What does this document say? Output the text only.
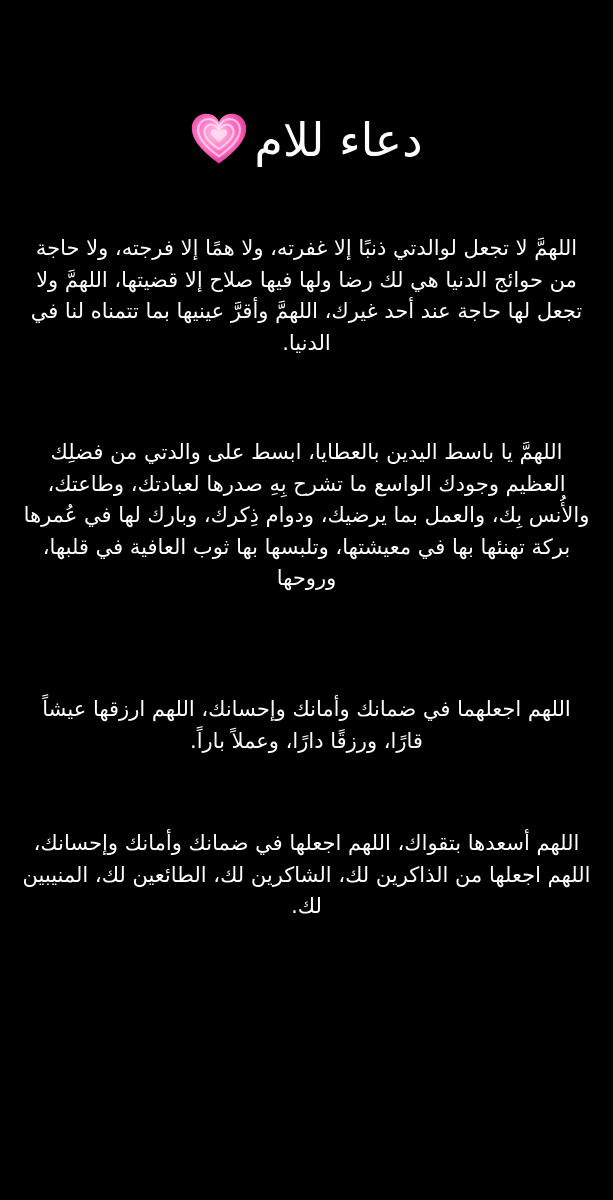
دعاء للام

اللهمَّ لا تجعل لوالدتي ذنبًا إلا غفرته، ولا همًا إلا فرجته، ولا حاجة من حوائج الدنيا هي لك رضا ولها فيها صلاح إلا قضيتها، اللهمَّ ولا تجعل لها حاجة عند أحد غيرك، اللهمَّ وأقرَّ عينيها بما تتمناه لنا في الدنيا.

اللهمَّ يا باسط اليدين بالعطايا، ابسط على والدتي من فضلِك العظيم وجودك الواسع ما تشرح بِهِ صدرها لعبادتك، وطاعتك، والأُنس بِك، والعمل بما يرضيك، ودوام ذِكرك، وبارك لها في عُمرها بركة تهنئها بها في معيشتها، وتلبسها بها ثوب العافية في قلبها، وروحها

اللهم اجعلهما في ضمانك وأمانك وإحسانك، اللهم ارزقها عيشاً قارًا، ورزقًا دارًا، وعملاً باراً.

اللهم أسعدها بتقواك، اللهم اجعلها في ضمانك وأمانك وإحسانك، اللهم اجعلها من الذاكرين لك، الشاكرين لك، الطائعين لك، المنيبين لك.
